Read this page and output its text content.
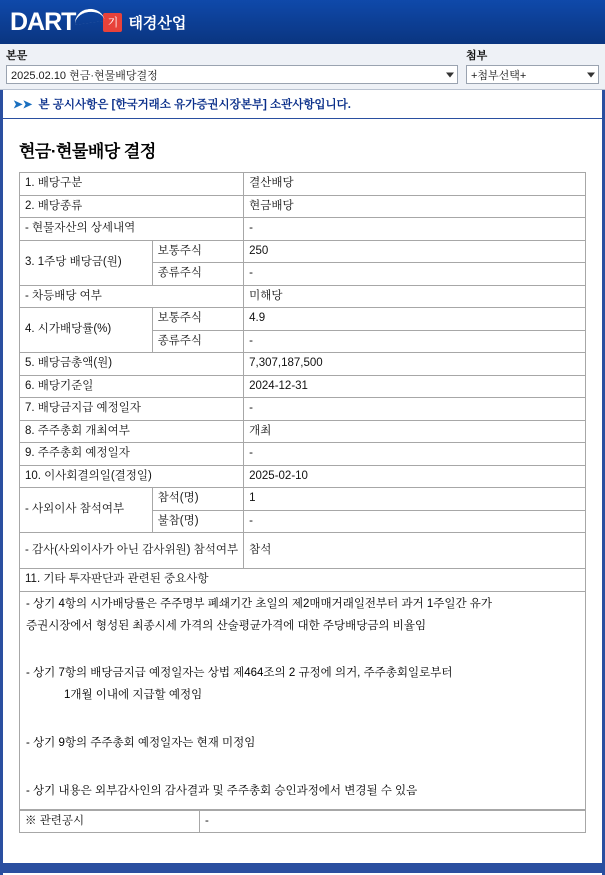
DART	기 태경산업
본문
2025.02.10 현금·현물배당결정
첨부
+첨부선택+
➤➤ 본 공시사항은 [한국거래소 유가증권시장본부] 소관사항입니다.
현금·현물배당 결정
1. 배당구분		결산배당
2. 배당종류		현금배당
- 현물자산의 상세내역		-
3. 1주당 배당금(원)	보통주식	250
	종류주식	-
- 차등배당 여부		미해당
4. 시가배당률(%)	보통주식	4.9
	종류주식	-
5. 배당금총액(원)		7,307,187,500
6. 배당기준일		2024-12-31
7. 배당금지급 예정일자		-
8. 주주총회 개최여부		개최
9. 주주총회 예정일자		-
10. 이사회결의일(결정일)		2025-02-10
- 사외이사 참석여부	참석(명)	1
	불참(명)	-
- 감사(사외이사가 아닌 감사위원) 참석여부		참석
11. 기타 투자판단과 관련된 중요사항		

- 상기 4항의 시가배당률은 주주명부 폐쇄기간 초일의 제2매매거래일전부터 과거 1주일간 유가

증권시장에서 형성된 최종시세 가격의 산술평균가격에 대한 주당배당금의 비율임

- 상기 7항의 배당금지급 예정일자는 상법 제464조의 2 규정에 의거, 주주총회일로부터

1개월 이내에 지급할 예정임

- 상기 9항의 주주총회 예정일자는 현재 미정임

- 상기 내용은 외부감사인의 감사결과 및 주주총회 승인과정에서 변경될 수 있음

※ 관련공시	-
